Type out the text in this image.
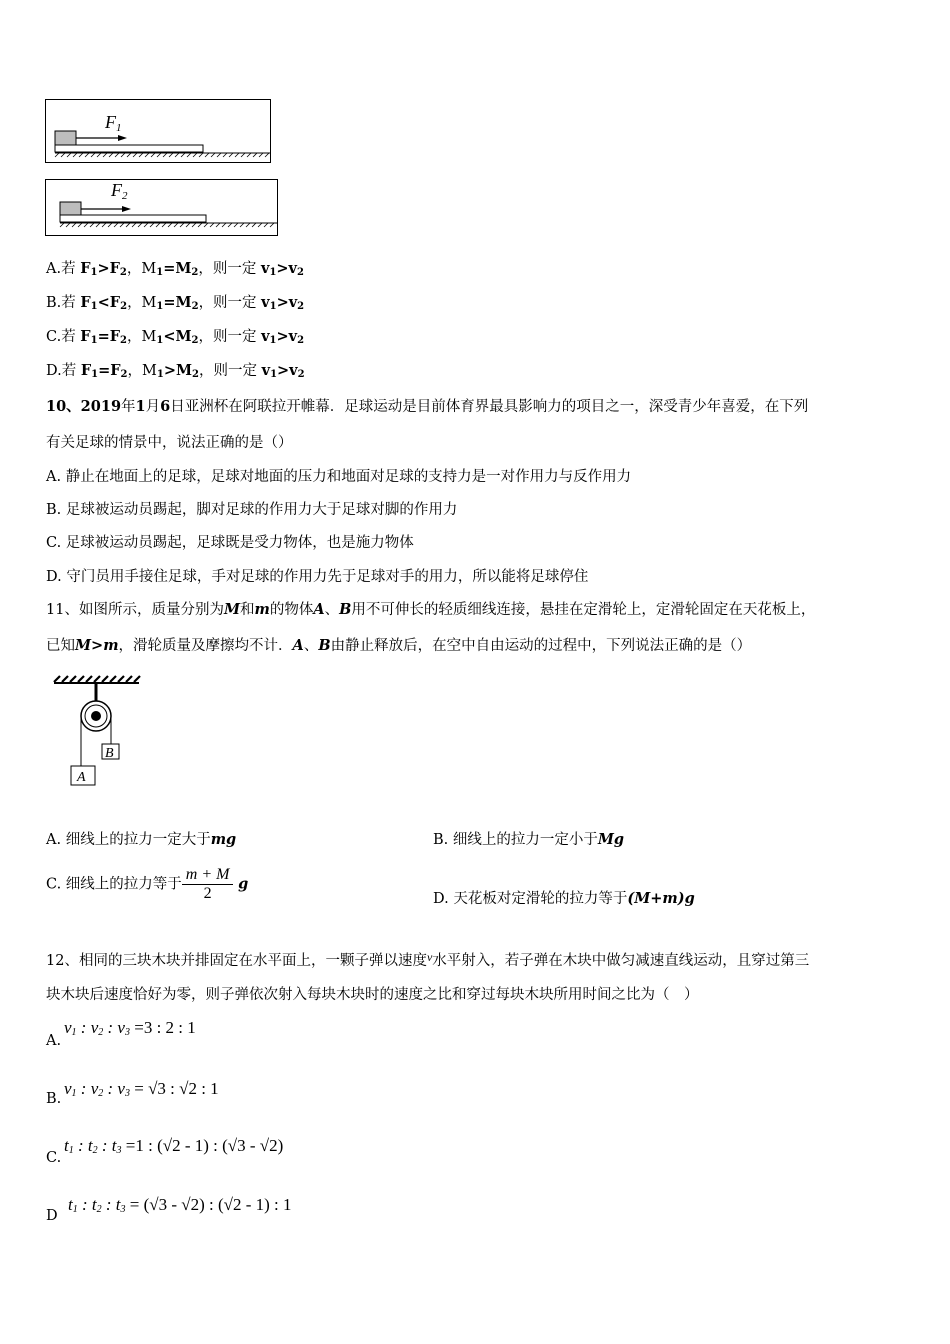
F 1
F 2
A.若 $F_1>F_2$，$M_1=M_2$，则一定 $v_1>v_2$
B.若 $F_1<F_2$，$M_1=M_2$，则一定 $v_1>v_2$
C.若 $F_1=F_2$，$M_1<M_2$，则一定 $v_1>v_2$
D.若 $F_1=F_2$，$M_1>M_2$，则一定 $v_1>v_2$
10、2019年1月6日亚洲杯在阿联拉开帷幕．足球运动是目前体育界最具影响力的项目之一，深受青少年喜爱，在下列
有关足球的情景中，说法正确的是（）
A. 静止在地面上的足球，足球对地面的压力和地面对足球的支持力是一对作用力与反作用力
B. 足球被运动员踢起，脚对足球的作用力大于足球对脚的作用力
C. 足球被运动员踢起，足球既是受力物体，也是施力物体
D. 守门员用手接住足球，手对足球的作用力先于足球对手的用力，所以能将足球停住
11、如图所示，质量分别为M和m的物体A、B用不可伸长的轻质细线连接，悬挂在定滑轮上，定滑轮固定在天花板上，
已知M>m，滑轮质量及摩擦均不计．A、B由静止释放后，在空中自由运动的过程中，下列说法正确的是（）
B
A
A. 细线上的拉力一定大于mg	B. 细线上的拉力一定小于Mg
C. 细线上的拉力等于 $\frac{m + M}{2}$ g
D. 天花板对定滑轮的拉力等于(M+m)g
12、相同的三块木块并排固定在水平面上，一颗子弹以速度$^v$水平射入，若子弹在木块中做匀减速直线运动，且穿过第三
块木块后速度恰好为零，则子弹依次射入每块木块时的速度之比和穿过每块木块所用时间之比为（　）
A.
$v_1$ : $v_2$ : $v_3 =3$ : 2 : 1
B.
$v_1$ : $v_2$ : $v_3 = √3$ : √2 : 1
C.
$t_1$ : $t_2$ : $t_3 =1$ : (√2 - 1) : (√3 - √2)
D
$t_1$ : $t_2$ : $t_3 = (√3 - √2)$ : (√2 - 1) : 1
